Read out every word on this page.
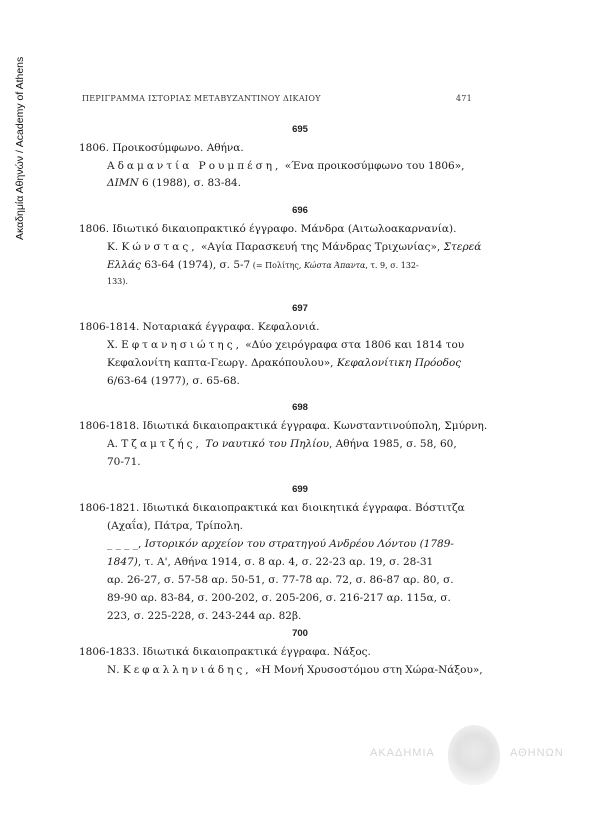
Ακαδημία Αθηνών / Academy of Athens	ΠΕΡΙΓΡΑΜΜΑ ΙΣΤΟΡΙΑΣ ΜΕΤΑΒΥΖΑΝΤΙΝΟΥ ΔΙΚΑΙΟΥ	471
695
1806. Προικοσύμφωνο. Αθήνα.
Αδαμαντία Ρουμπέση, «Ένα προικοσύμφωνο του 1806»,
ΔΙΜΝ 6 (1988), σ. 83-84.
696
1806. Ιδιωτικό δικαιοπρακτικό έγγραφο. Μάνδρα (Αιτωλοακαρνανία).
Κ. Κώνστας, «Αγία Παρασκευή της Μάνδρας Τριχωνίας», Στερεά
Ελλάς 63-64 (1974), σ. 5-7 (= Πολίτης, Κώστα Άπαντα, τ. 9, σ. 132-
133).
697
1806-1814. Νοταριακά έγγραφα. Κεφαλονιά.
Χ. Εφτανησιώτης, «Δύο χειρόγραφα στα 1806 και 1814 του
Κεφαλονίτη καπτα-Γεωργ. Δρακόπουλου», Κεφαλονίτικη Πρόοδος
6/63-64 (1977), σ. 65-68.
698
1806-1818. Ιδιωτικά δικαιοπρακτικά έγγραφα. Κωνσταντινούπολη, Σμύρνη.
Α. Τζαμτζής, Το ναυτικό του Πηλίου, Αθήνα 1985, σ. 58, 60,
70-71.
699
1806-1821. Ιδιωτικά δικαιοπρακτικά και διοικητικά έγγραφα. Βόστιτζα
(Αχαΐα), Πάτρα, Τρίπολη.
_ _ _ _, Ιστορικόν αρχείον του στρατηγού Ανδρέου Λόντου (1789-
1847), τ. Α', Αθήνα 1914, σ. 8 αρ. 4, σ. 22-23 αρ. 19, σ. 28-31
αρ. 26-27, σ. 57-58 αρ. 50-51, σ. 77-78 αρ. 72, σ. 86-87 αρ. 80, σ.
89-90 αρ. 83-84, σ. 200-202, σ. 205-206, σ. 216-217 αρ. 115α, σ.
223, σ. 225-228, σ. 243-244 αρ. 82β.
700
1806-1833. Ιδιωτικά δικαιοπρακτικά έγγραφα. Νάξος.
Ν. Κεφαλληνιάδης, «Η Μονή Χρυσοστόμου στη Χώρα-Νάξου»,
ΑΚΑΔΗΜΙΑ	ΑΘΗΝΩΝ
